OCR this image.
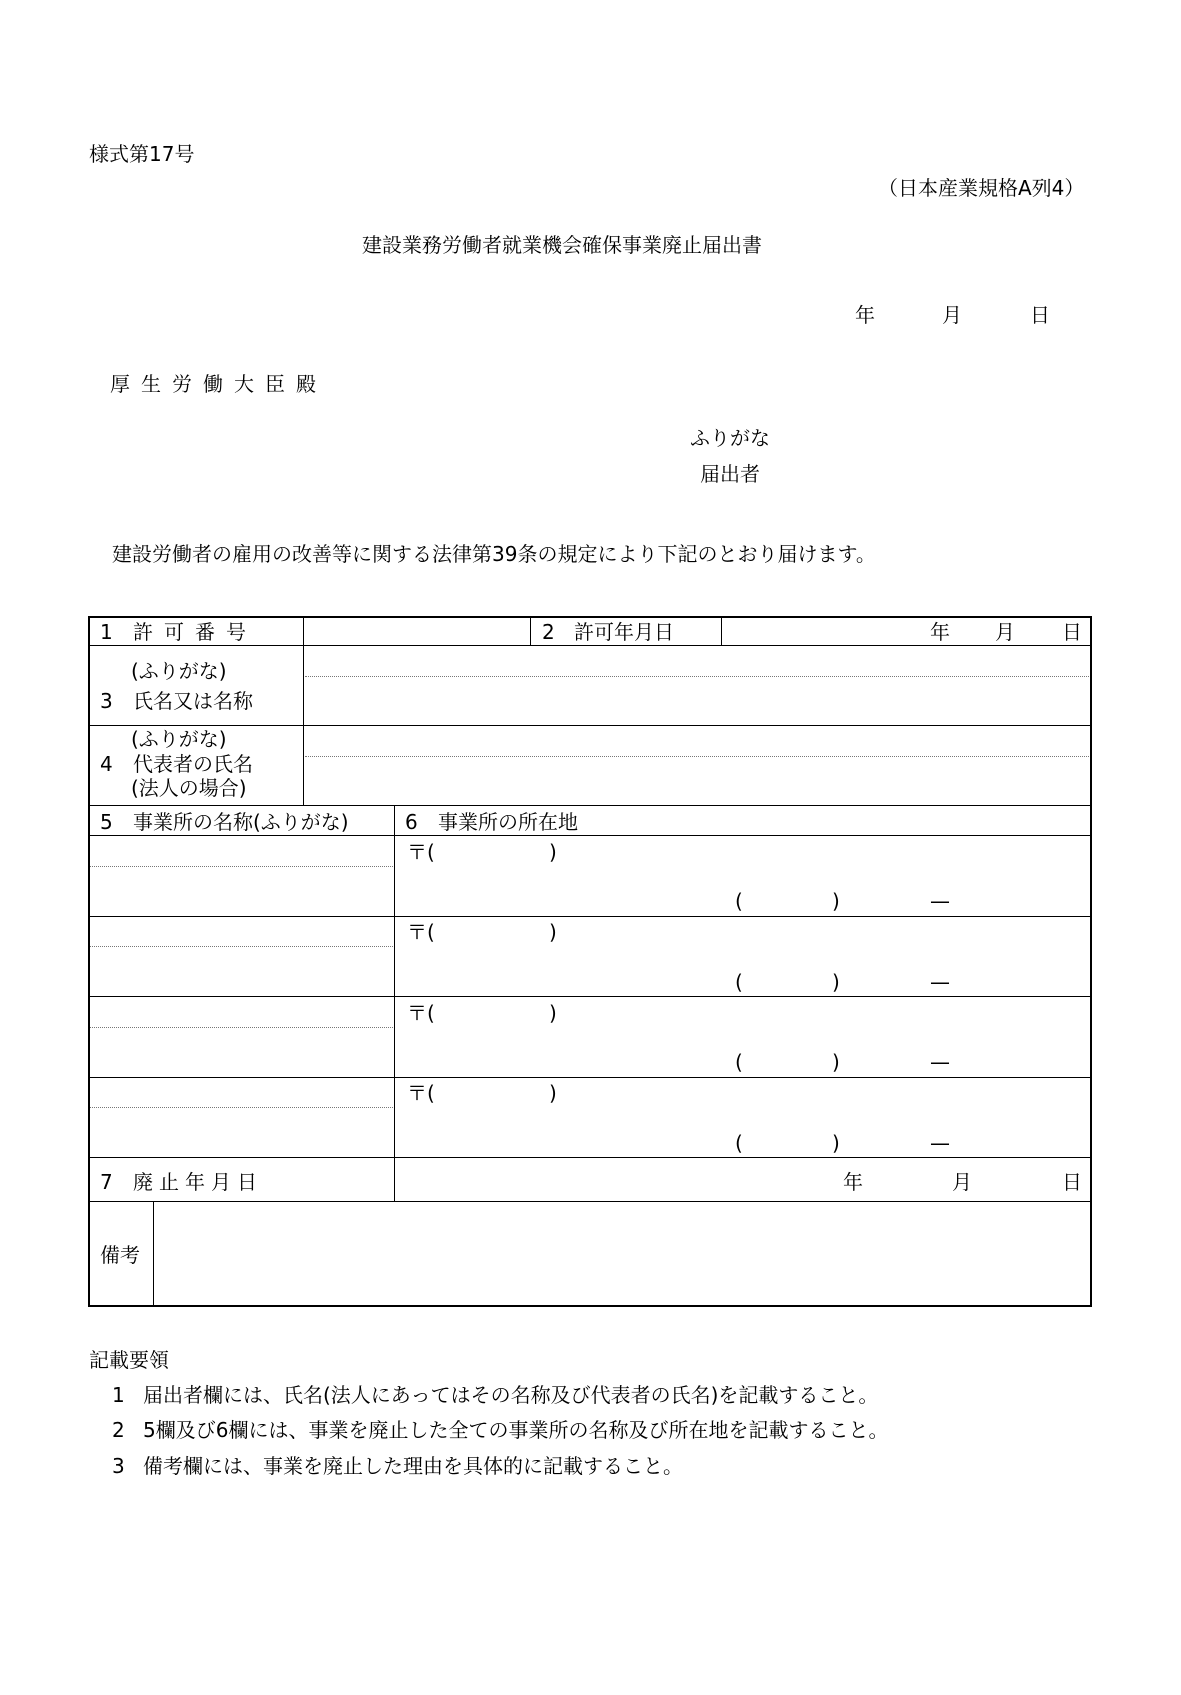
様式第17号
（日本産業規格A列4）
建設業務労働者就業機会確保事業廃止届出書
年	月	日
厚生労働大臣殿
ふりがな
届出者
建設労働者の雇用の改善等に関する法律第39条の規定により下記のとおり届けます。
1 許可番号	2 許可年月日	年 月 日
(ふりがな)
3 氏名又は名称
(ふりがな)
4 代表者の氏名
(法人の場合)
5 事業所の名称(ふりがな)	6 事業所の所在地
〒(	)
(	)	—
〒(	)
(	)	—
〒(	)
(	)	—
〒(	)
(	)	—
7 廃止年月日	年	月	日
備考
記載要領
1 届出者欄には、氏名(法人にあってはその名称及び代表者の氏名)を記載すること。
2 5欄及び6欄には、事業を廃止した全ての事業所の名称及び所在地を記載すること。
3 備考欄には、事業を廃止した理由を具体的に記載すること。
